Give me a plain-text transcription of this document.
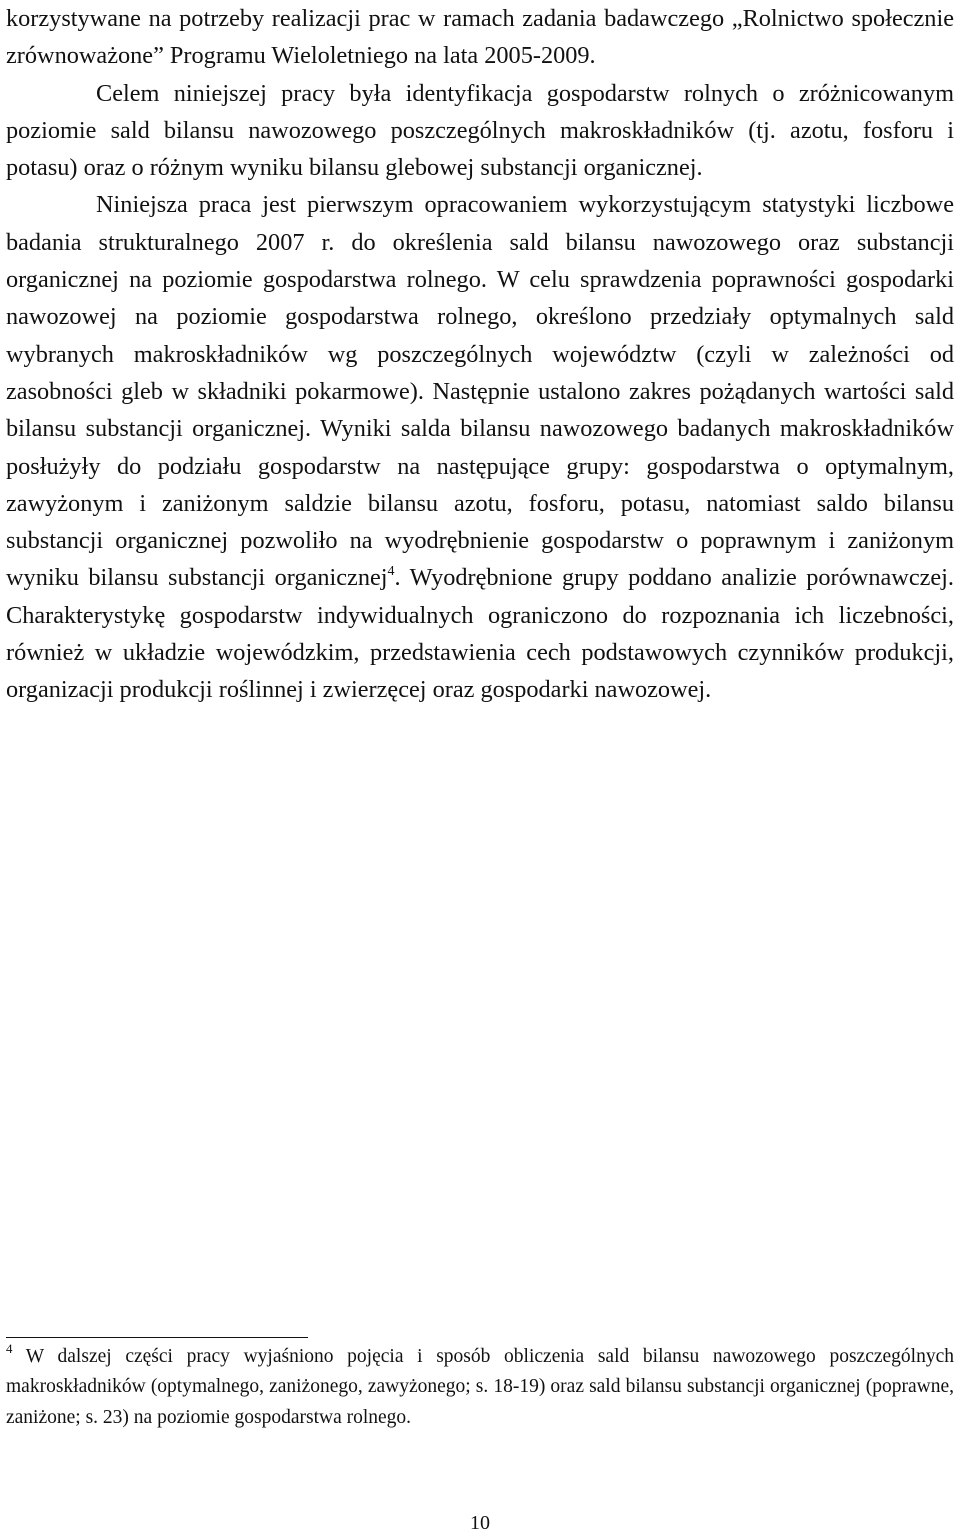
korzystywane na potrzeby realizacji prac w ramach zadania badawczego „Rolnictwo społecznie zrównoważone” Programu Wieloletniego na lata 2005-2009.

Celem niniejszej pracy była identyfikacja gospodarstw rolnych o zróżnicowanym poziomie sald bilansu nawozowego poszczególnych makroskładników (tj. azotu, fosforu i potasu) oraz o różnym wyniku bilansu glebowej substancji organicznej.

Niniejsza praca jest pierwszym opracowaniem wykorzystującym statystyki liczbowe badania strukturalnego 2007 r. do określenia sald bilansu nawozowego oraz substancji organicznej na poziomie gospodarstwa rolnego. W celu sprawdzenia poprawności gospodarki nawozowej na poziomie gospodarstwa rolnego, określono przedziały optymalnych sald wybranych makroskładników wg poszczególnych województw (czyli w zależności od zasobności gleb w składniki pokarmowe). Następnie ustalono zakres pożądanych wartości sald bilansu substancji organicznej. Wyniki salda bilansu nawozowego badanych makroskładników posłużyły do podziału gospodarstw na następujące grupy: gospodarstwa o optymalnym, zawyżonym i zaniżonym saldzie bilansu azotu, fosforu, potasu, natomiast saldo bilansu substancji organicznej pozwoliło na wyodrębnienie gospodarstw o poprawnym i zaniżonym wyniku bilansu substancji organicznej$^4$. Wyodrębnione grupy poddano analizie porównawczej. Charakterystykę gospodarstw indywidualnych ograniczono do rozpoznania ich liczebności, również w układzie wojewódzkim, przedstawienia cech podstawowych czynników produkcji, organizacji produkcji roślinnej i zwierzęcej oraz gospodarki nawozowej.

$^4$ W dalszej części pracy wyjaśniono pojęcia i sposób obliczenia sald bilansu nawozowego poszczególnych makroskładników (optymalnego, zaniżonego, zawyżonego; s. 18-19) oraz sald bilansu substancji organicznej (poprawne, zaniżone; s. 23) na poziomie gospodarstwa rolnego.

10
